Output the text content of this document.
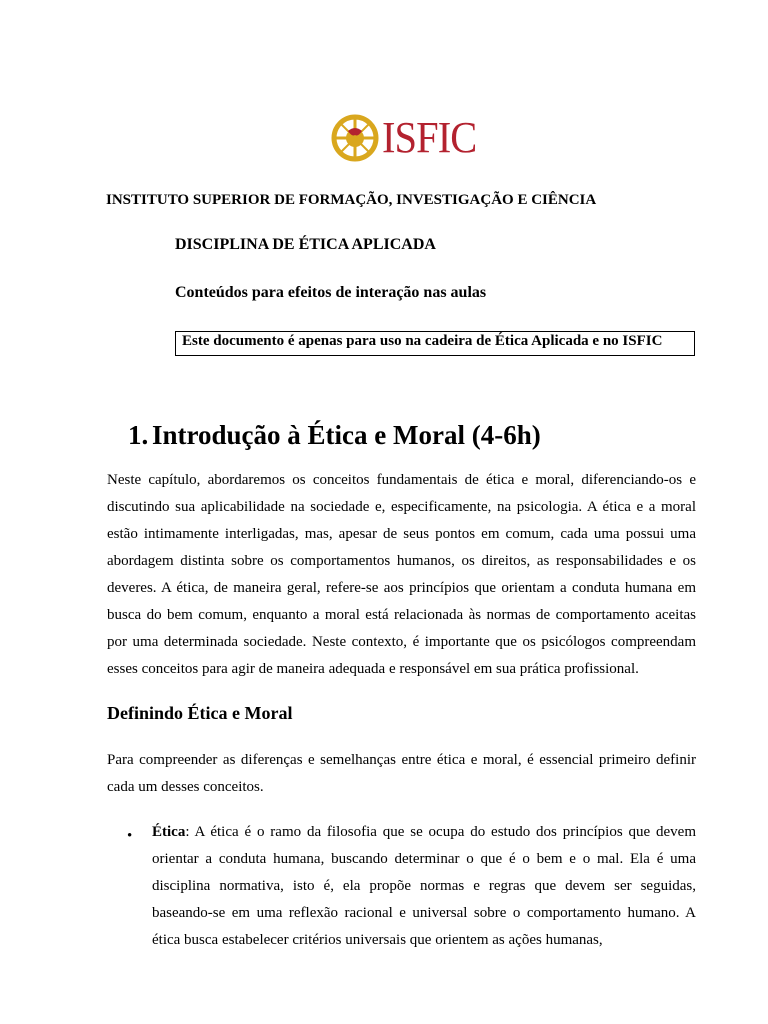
ISFIC
INSTITUTO SUPERIOR DE FORMAÇÃO, INVESTIGAÇÃO E CIÊNCIA
DISCIPLINA DE ÉTICA APLICADA
Conteúdos para efeitos de interação nas aulas
Este documento é apenas para uso na cadeira de Ética Aplicada e no ISFIC
1. Introdução à Ética e Moral (4-6h)
Neste capítulo, abordaremos os conceitos fundamentais de ética e moral, diferenciando-os e discutindo sua aplicabilidade na sociedade e, especificamente, na psicologia. A ética e a moral estão intimamente interligadas, mas, apesar de seus pontos em comum, cada uma possui uma abordagem distinta sobre os comportamentos humanos, os direitos, as responsabilidades e os deveres. A ética, de maneira geral, refere-se aos princípios que orientam a conduta humana em busca do bem comum, enquanto a moral está relacionada às normas de comportamento aceitas por uma determinada sociedade. Neste contexto, é importante que os psicólogos compreendam esses conceitos para agir de maneira adequada e responsável em sua prática profissional.
Definindo Ética e Moral
Para compreender as diferenças e semelhanças entre ética e moral, é essencial primeiro definir cada um desses conceitos.
• Ética: A ética é o ramo da filosofia que se ocupa do estudo dos princípios que devem orientar a conduta humana, buscando determinar o que é o bem e o mal. Ela é uma disciplina normativa, isto é, ela propõe normas e regras que devem ser seguidas, baseando-se em uma reflexão racional e universal sobre o comportamento humano. A ética busca estabelecer critérios universais que orientem as ações humanas,
